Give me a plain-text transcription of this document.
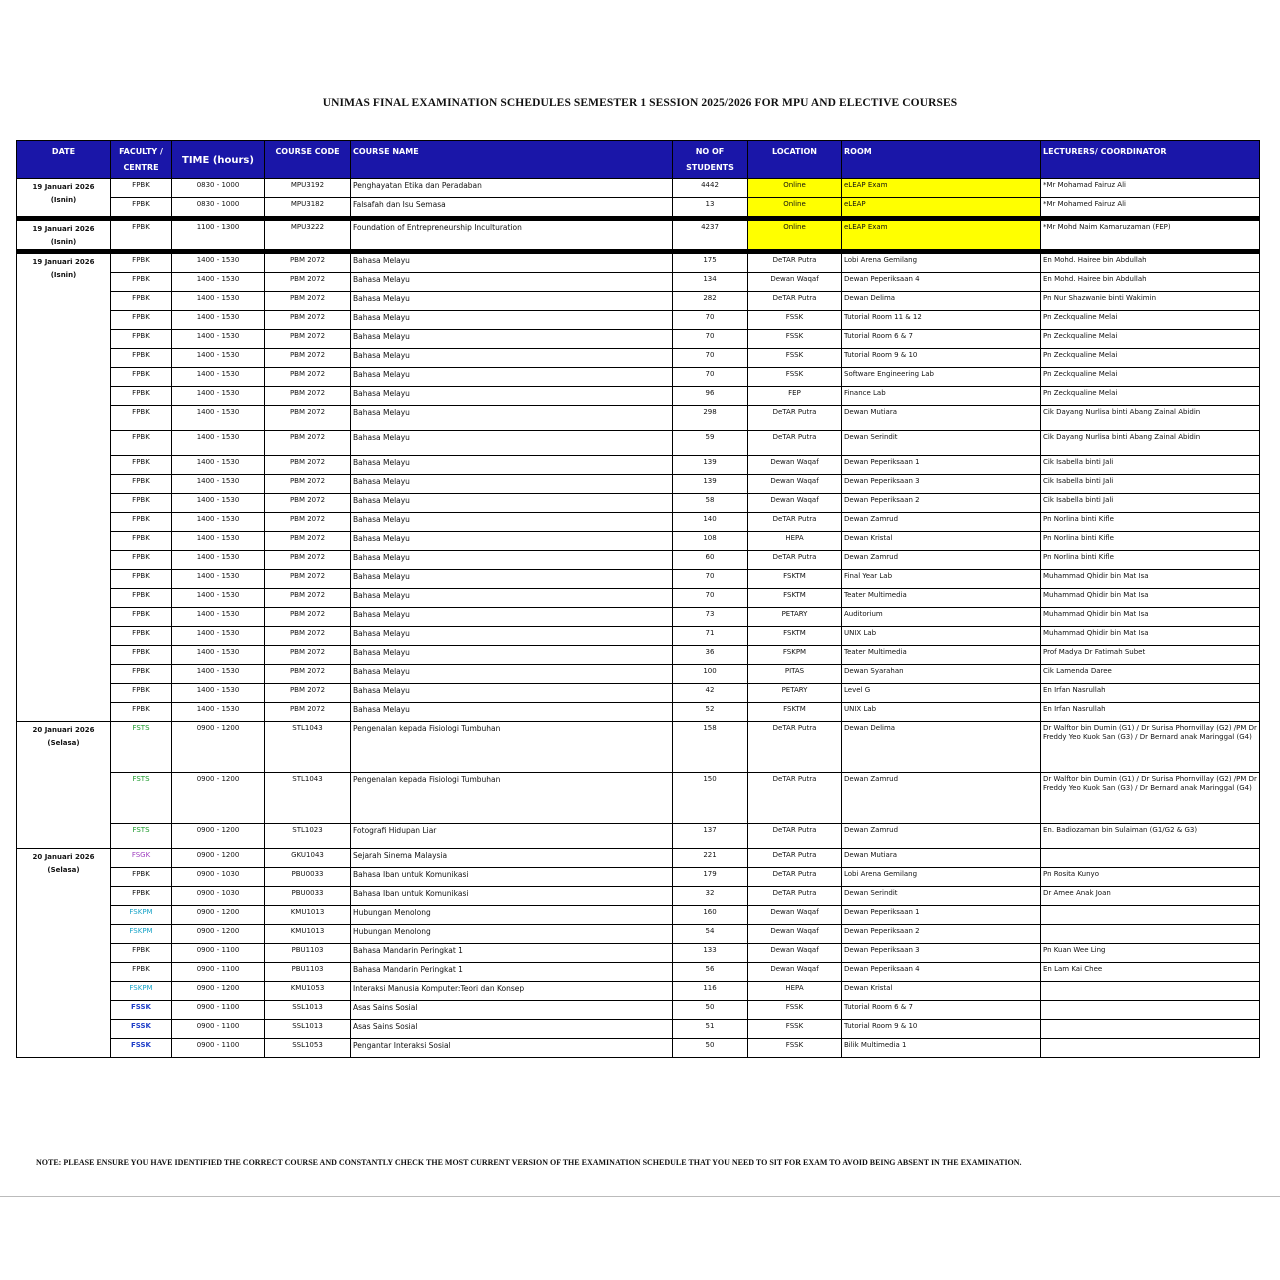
UNIMAS FINAL EXAMINATION SCHEDULES SEMESTER 1 SESSION 2025/2026 FOR MPU AND ELECTIVE COURSES
DATE	FACULTY / CENTRE	TIME (hours)	COURSE CODE	COURSE NAME	NO OF STUDENTS	LOCATION	ROOM	LECTURERS/ COORDINATOR
19 Januari 2026 (Isnin)	FPBK	0830 - 1000	MPU3192	Penghayatan Etika dan Peradaban	4442	Online	eLEAP Exam	*Mr Mohamad Fairuz Ali
	FPBK	0830 - 1000	MPU3182	Falsafah dan Isu Semasa	13	Online	eLEAP	*Mr Mohamed Fairuz Ali

19 Januari 2026 (Isnin)	FPBK	1100 - 1300	MPU3222	Foundation of Entrepreneurship Inculturation	4237	Online	eLEAP Exam	*Mr Mohd Naim Kamaruzaman (FEP)

19 Januari 2026 (Isnin)	FPBK	1400 - 1530	PBM 2072	Bahasa Melayu	175	DeTAR Putra	Lobi Arena Gemilang	En Mohd. Hairee bin Abdullah
	FPBK	1400 - 1530	PBM 2072	Bahasa Melayu	134	Dewan Waqaf	Dewan Peperiksaan 4	En Mohd. Hairee bin Abdullah
	FPBK	1400 - 1530	PBM 2072	Bahasa Melayu	282	DeTAR Putra	Dewan Delima	Pn Nur Shazwanie binti Wakimin
	FPBK	1400 - 1530	PBM 2072	Bahasa Melayu	70	FSSK	Tutorial Room 11 & 12	Pn Zeckqualine Melai
	FPBK	1400 - 1530	PBM 2072	Bahasa Melayu	70	FSSK	Tutorial Room 6 & 7	Pn Zeckqualine Melai
	FPBK	1400 - 1530	PBM 2072	Bahasa Melayu	70	FSSK	Tutorial Room 9 & 10	Pn Zeckqualine Melai
	FPBK	1400 - 1530	PBM 2072	Bahasa Melayu	70	FSSK	Software Engineering Lab	Pn Zeckqualine Melai
	FPBK	1400 - 1530	PBM 2072	Bahasa Melayu	96	FEP	Finance Lab	Pn Zeckqualine Melai
	FPBK	1400 - 1530	PBM 2072	Bahasa Melayu	298	DeTAR Putra	Dewan Mutiara	Cik Dayang Nurlisa binti Abang Zainal Abidin
	FPBK	1400 - 1530	PBM 2072	Bahasa Melayu	59	DeTAR Putra	Dewan Serindit	Cik Dayang Nurlisa binti Abang Zainal Abidin
	FPBK	1400 - 1530	PBM 2072	Bahasa Melayu	139	Dewan Waqaf	Dewan Peperiksaan 1	Cik Isabella binti Jali
	FPBK	1400 - 1530	PBM 2072	Bahasa Melayu	139	Dewan Waqaf	Dewan Peperiksaan 3	Cik Isabella binti Jali
	FPBK	1400 - 1530	PBM 2072	Bahasa Melayu	58	Dewan Waqaf	Dewan Peperiksaan 2	Cik Isabella binti Jali
	FPBK	1400 - 1530	PBM 2072	Bahasa Melayu	140	DeTAR Putra	Dewan Zamrud	Pn Norlina binti Kifle
	FPBK	1400 - 1530	PBM 2072	Bahasa Melayu	108	HEPA	Dewan Kristal	Pn Norlina binti Kifle
	FPBK	1400 - 1530	PBM 2072	Bahasa Melayu	60	DeTAR Putra	Dewan Zamrud	Pn Norlina binti Kifle
	FPBK	1400 - 1530	PBM 2072	Bahasa Melayu	70	FSKTM	Final Year Lab	Muhammad Qhidir bin Mat Isa
	FPBK	1400 - 1530	PBM 2072	Bahasa Melayu	70	FSKTM	Teater Multimedia	Muhammad Qhidir bin Mat Isa
	FPBK	1400 - 1530	PBM 2072	Bahasa Melayu	73	PETARY	Auditorium	Muhammad Qhidir bin Mat Isa
	FPBK	1400 - 1530	PBM 2072	Bahasa Melayu	71	FSKTM	UNIX Lab	Muhammad Qhidir bin Mat Isa
	FPBK	1400 - 1530	PBM 2072	Bahasa Melayu	36	FSKPM	Teater Multimedia	Prof Madya Dr Fatimah Subet
	FPBK	1400 - 1530	PBM 2072	Bahasa Melayu	100	PITAS	Dewan Syarahan	Cik Lamenda Daree
	FPBK	1400 - 1530	PBM 2072	Bahasa Melayu	42	PETARY	Level G	En Irfan Nasrullah
	FPBK	1400 - 1530	PBM 2072	Bahasa Melayu	52	FSKTM	UNIX Lab	En Irfan Nasrullah
20 Januari 2026 (Selasa)	FSTS	0900 - 1200	STL1043	Pengenalan kepada Fisiologi Tumbuhan	158	DeTAR Putra	Dewan Delima	Dr Walftor bin Dumin (G1) / Dr Surisa Phornvillay (G2) /PM Dr Freddy Yeo Kuok San (G3) / Dr Bernard anak Maringgal (G4)
	FSTS	0900 - 1200	STL1043	Pengenalan kepada Fisiologi Tumbuhan	150	DeTAR Putra	Dewan Zamrud	Dr Walftor bin Dumin (G1) / Dr Surisa Phornvillay (G2) /PM Dr Freddy Yeo Kuok San (G3) / Dr Bernard anak Maringgal (G4)
	FSTS	0900 - 1200	STL1023	Fotografi Hidupan Liar	137	DeTAR Putra	Dewan Zamrud	En. Badiozaman bin Sulaiman (G1/G2 & G3)
20 Januari 2026 (Selasa)	FSGK	0900 - 1200	GKU1043	Sejarah Sinema Malaysia	221	DeTAR Putra	Dewan Mutiara	
	FPBK	0900 - 1030	PBU0033	Bahasa Iban untuk Komunikasi	179	DeTAR Putra	Lobi Arena Gemilang	Pn Rosita Kunyo
	FPBK	0900 - 1030	PBU0033	Bahasa Iban untuk Komunikasi	32	DeTAR Putra	Dewan Serindit	Dr Amee Anak Joan
	FSKPM	0900 - 1200	KMU1013	Hubungan Menolong	160	Dewan Waqaf	Dewan Peperiksaan 1	
	FSKPM	0900 - 1200	KMU1013	Hubungan Menolong	54	Dewan Waqaf	Dewan Peperiksaan 2	
	FPBK	0900 - 1100	PBU1103	Bahasa Mandarin Peringkat 1	133	Dewan Waqaf	Dewan Peperiksaan 3	Pn Kuan Wee Ling
	FPBK	0900 - 1100	PBU1103	Bahasa Mandarin Peringkat 1	56	Dewan Waqaf	Dewan Peperiksaan 4	En Lam Kai Chee
	FSKPM	0900 - 1200	KMU1053	Interaksi Manusia Komputer:Teori dan Konsep	116	HEPA	Dewan Kristal	
	FSSK	0900 - 1100	SSL1013	Asas Sains Sosial	50	FSSK	Tutorial Room 6 & 7	
	FSSK	0900 - 1100	SSL1013	Asas Sains Sosial	51	FSSK	Tutorial Room 9 & 10	
	FSSK	0900 - 1100	SSL1053	Pengantar Interaksi Sosial	50	FSSK	Bilik Multimedia 1	
NOTE: PLEASE ENSURE YOU HAVE IDENTIFIED THE CORRECT COURSE AND CONSTANTLY CHECK THE MOST CURRENT VERSION OF THE EXAMINATION SCHEDULE THAT YOU NEED TO SIT FOR EXAM TO AVOID BEING ABSENT IN THE EXAMINATION.
